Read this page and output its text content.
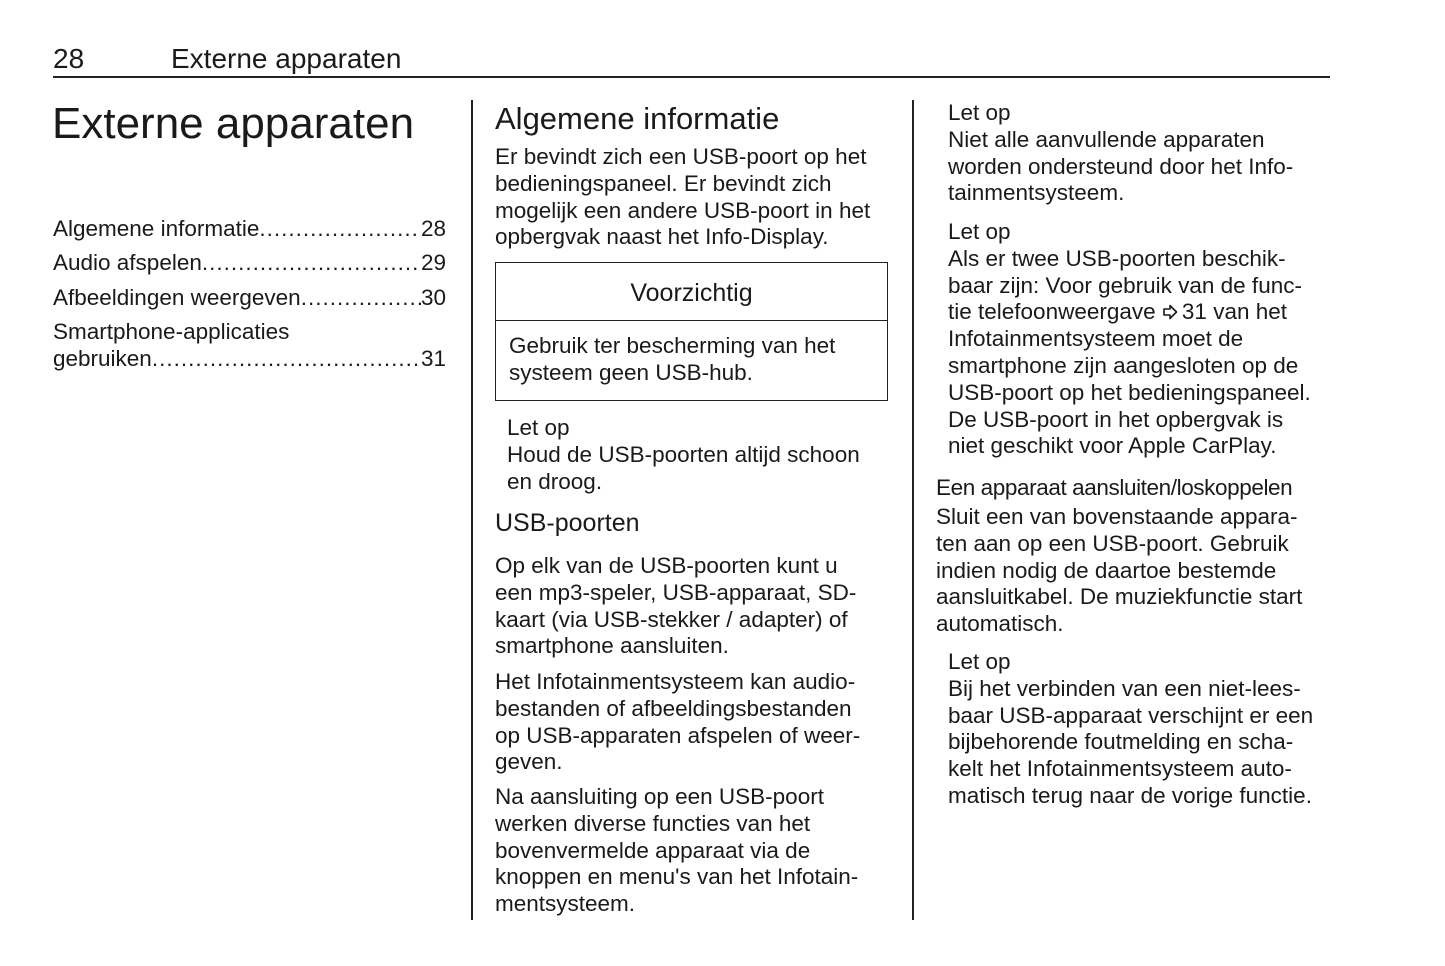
28	Externe apparaten
Externe apparaten
Algemene informatie .....	28
Audio afspelen .....	29
Afbeeldingen weergeven .....	30
Smartphone-applicaties
gebruiken .....	31
Algemene informatie
Er bevindt zich een USB-poort op het
bedieningspaneel. Er bevindt zich
mogelijk een andere USB-poort in het
opbergvak naast het Info-Display.
Voorzichtig
Gebruik ter bescherming van het
systeem geen USB-hub.
Let op
Houd de USB-poorten altijd schoon
en droog.
USB-poorten
Op elk van de USB-poorten kunt u
een mp3-speler, USB-apparaat, SD-
kaart (via USB-stekker / adapter) of
smartphone aansluiten.
Het Infotainmentsysteem kan audio-
bestanden of afbeeldingsbestanden
op USB-apparaten afspelen of weer-
geven.
Na aansluiting op een USB-poort
werken diverse functies van het
bovenvermelde apparaat via de
knoppen en menu's van het Infotain-
mentsysteem.
Let op
Niet alle aanvullende apparaten
worden ondersteund door het Info-
tainmentsysteem.
Let op
Als er twee USB-poorten beschik-
baar zijn: Voor gebruik van de func-
tie telefoonweergave 31 van het
Infotainmentsysteem moet de
smartphone zijn aangesloten op de
USB-poort op het bedieningspaneel.
De USB-poort in het opbergvak is
niet geschikt voor Apple CarPlay.
Een apparaat aansluiten/loskoppelen
Sluit een van bovenstaande appara-
ten aan op een USB-poort. Gebruik
indien nodig de daartoe bestemde
aansluitkabel. De muziekfunctie start
automatisch.
Let op
Bij het verbinden van een niet-lees-
baar USB-apparaat verschijnt er een
bijbehorende foutmelding en scha-
kelt het Infotainmentsysteem auto-
matisch terug naar de vorige functie.
